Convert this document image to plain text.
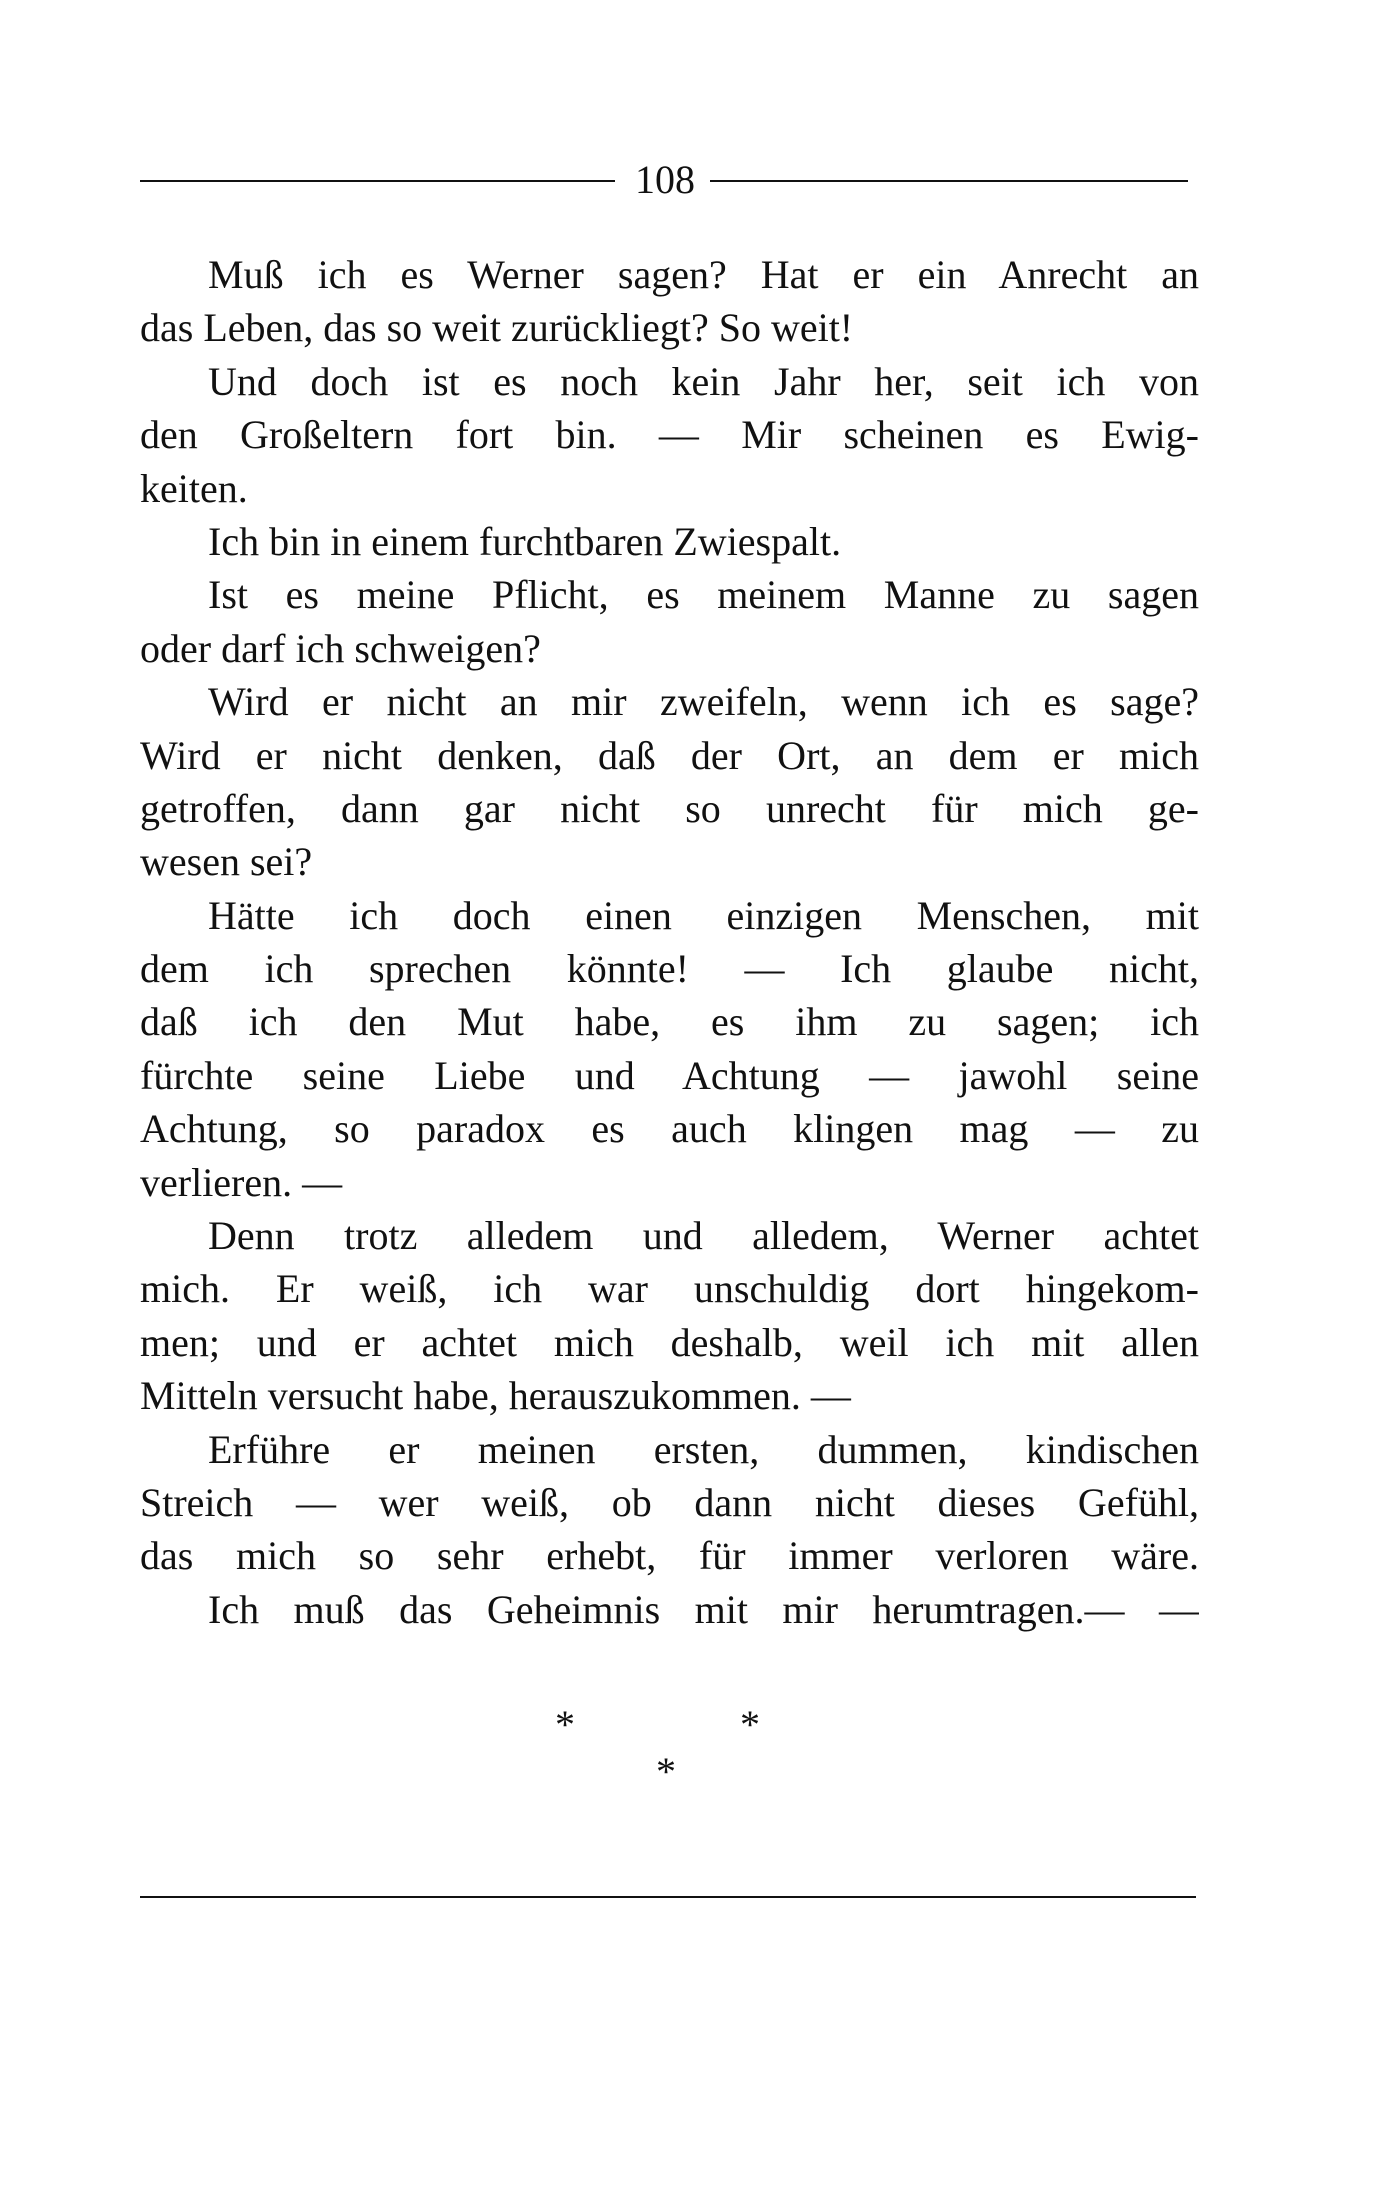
108
Muß ich es Werner sagen? Hat er ein Anrecht an
das Leben, das so weit zurückliegt? So weit!
Und doch ist es noch kein Jahr her, seit ich von
den Großeltern fort bin. — Mir scheinen es Ewig-
keiten.
Ich bin in einem furchtbaren Zwiespalt.
Ist es meine Pflicht, es meinem Manne zu sagen
oder darf ich schweigen?
Wird er nicht an mir zweifeln, wenn ich es sage?
Wird er nicht denken, daß der Ort, an dem er mich
getroffen, dann gar nicht so unrecht für mich ge-
wesen sei?
Hätte ich doch einen einzigen Menschen, mit
dem ich sprechen könnte! — Ich glaube nicht,
daß ich den Mut habe, es ihm zu sagen; ich
fürchte seine Liebe und Achtung — jawohl seine
Achtung, so paradox es auch klingen mag — zu
verlieren. —
Denn trotz alledem und alledem, Werner achtet
mich. Er weiß, ich war unschuldig dort hingekom-
men; und er achtet mich deshalb, weil ich mit allen
Mitteln versucht habe, herauszukommen. —
Erführe er meinen ersten, dummen, kindischen
Streich — wer weiß, ob dann nicht dieses Gefühl,
das mich so sehr erhebt, für immer verloren wäre.
Ich muß das Geheimnis mit mir herumtragen.— —
*	*
*
